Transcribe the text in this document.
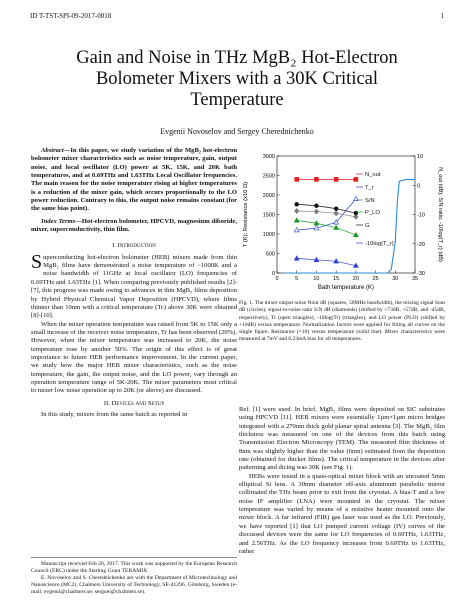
ID T-TST-SPI-09-2017-0018	1
Gain and Noise in THz MgB₂ Hot-Electron
Bolometer Mixers with a 30K Critical
Temperature
Evgenii Novoselov and Sergey Cherednichenko

Abstract—In this paper, we study variation of the MgB₂ hot-electron bolometer mixer characteristics such as noise temperature, gain, output noise, and local oscillator (LO) power at 5K, 15K, and 20K bath temperatures, and at 0.69THz and 1.63THz Local Oscillator frequencies. The main reason for the noise temperature rising at higher temperatures is a reduction of the mixer gain, which occurs proportionally to the LO power reduction. Contrary to this, the output noise remains constant (for the same bias point).

Index Terms—Hot-electron bolometer, HPCVD, magnesium diboride, mixer, superconductivity, thin film.

I. Introduction

Superconducting hot-electron bolometer (HEB) mixers made from thin MgB₂ films have demonstrated a noise temperature of ~1000K and a noise bandwidth of 11GHz at local oscillator (LO) frequencies of 0.69THz and 1.63THz [1]. When comparing previously published results [2]-[7], this progress was made owing to advances in thin MgB₂ films deposition by Hybrid Physical Chemical Vapor Deposition (HPCVD), where films thinner than 10nm with a critical temperature (Tc) above 30K were obtained [8]-[10].

When the mixer operation temperature was raised from 5K to 15K only a small increase of the receiver noise temperature, Tr has been observed (20%). However, when the mixer temperature was increased to 20K, the noise temperature rose by another 50%. The origin of this effect is of great importance to future HEB performance improvement. In the current paper, we study how the major HEB mixer characteristics, such as the noise temperature, the gain, the output noise, and the LO power, vary through an operation temperature range of 5K-20K. The mixer parameters most critical to mixer low noise operation up to 20K (or above) are discussed.

II. Devices and Setup

In this study, mixers from the same batch as reported in

Manuscript received Feb 20, 2017. This work was supported by the European Research Council (ERC) under the Starting Grant TERAMIX.

E. Novoselov and S. Cherednichenko are with the Department of Microtechnology and Nanoscience (MC2), Chalmers University of Technology, SE-41296, Göteborg, Sweden (e-mail: evgenii@chalmers.se; serguei@chalmers.se).

0	5	10 15 20 25 30 35
0
500
1000
1500
2000
2500
3000
-30
-20
-10
0
10
Bath temperature (K)
T (K); Resistance (x10 Ω)	N_out (dB); S/N ratio, -10log(T_r) (dB)
N_out
T_r
S/N
P_LO
G
-10log(T_r)
Fig. 1. The mixer output noise Nout dB (squares, 50MHz bandwidth), the mixing signal Sout dB (circles), signal-to-noise ratio S/N dB (diamonds) (shifted by +73dB, +57dB, and -45dB, respectively), Tr (open triangles), -10log(Tr) (triangles), and LO power (PLO) (shifted by +10dB) versus temperature. Normalization factors were applied for fitting all curves on the single figure. Resistance (×10) versus temperature (solid line). Mixer characteristics were measured at 7mV and 0.23mA bias for all temperatures.

Ref. [1] were used. In brief, MgB₂ films were deposited on SiC substrates using HPCVD [11]. HEB mixers were essentially 1µm×1µm micro bridges integrated with a 270nm thick gold planar spiral antenna [3]. The MgB₂ film thickness was measured on one of the devices from this batch using Transmission Electron Microscopy (TEM). The measured film thickness of 8nm was slightly higher than the value (6nm) estimated from the deposition rate (obtained for thicker films). The critical temperature in the devices after patterning and dicing was 30K (see Fig. 1).

HEBs were tested in a quasi-optical mixer block with an uncoated 5mm elliptical Si lens. A 30mm diameter off-axis aluminum parabolic mirror collimated the THz beam prior to exit from the cryostat. A bias-T and a low noise IF amplifier (LNA) were mounted in the cryostat. The mixer temperature was varied by means of a resistive heater mounted onto the mixer block. A far infrared (FIR) gas laser was used as the LO. Previously, we have reported [1] that LO pumped current voltage (IV) curves of the discussed devices were the same for LO frequencies of 0.69THz, 1.63THz, and 2.56THz. As the LO frequency increases from 0.69THz to 1.63THz, rather
